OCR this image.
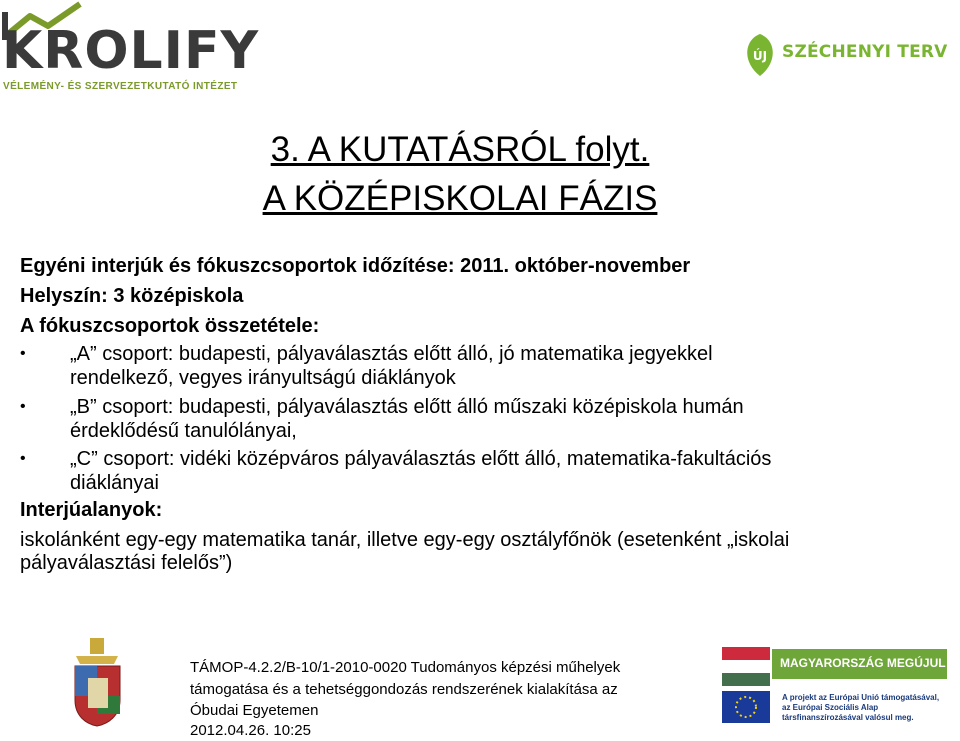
KROLIFY
VÉLEMÉNY- ÉS SZERVEZETKUTATÓ INTÉZET
ÚJ SZÉCHENYI TERV
3. A KUTATÁSRÓL folyt.
A KÖZÉPISKOLAI FÁZIS
Egyéni interjúk és fókuszcsoportok időzítése: 2011. október-november
Helyszín: 3 középiskola
A fókuszcsoportok összetétele:
• „A” csoport: budapesti, pályaválasztás előtt álló, jó matematika jegyekkel
rendelkező, vegyes irányultságú diáklányok
• „B” csoport: budapesti, pályaválasztás előtt álló műszaki középiskola humán
érdeklődésű tanulólányai,
• „C” csoport: vidéki középváros pályaválasztás előtt álló, matematika-fakultációs
diáklányai
Interjúalanyok:
iskolánként egy-egy matematika tanár, illetve egy-egy osztályfőnök (esetenként „iskolai
pályaválasztási felelős”)
TÁMOP-4.2.2/B-10/1-2010-0020 Tudományos képzési műhelyek
támogatása és a tehetséggondozás rendszerének kialakítása az
Óbudai Egyetemen
2012.04.26. 10:25
MAGYARORSZÁG MEGÚJUL
A projekt az Európai Unió támogatásával,
az Európai Szociális Alap
társfinanszírozásával valósul meg.
